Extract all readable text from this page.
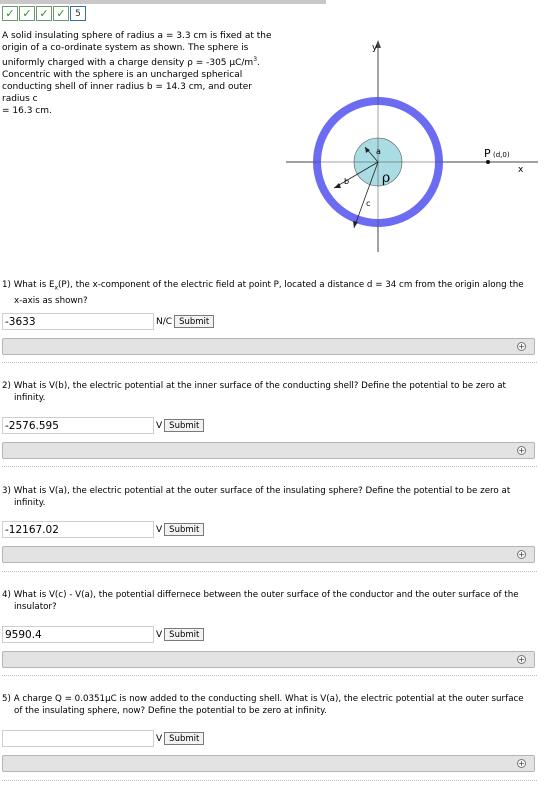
✓ ✓ ✓ ✓	5
A solid insulating sphere of radius a = 3.3 cm is fixed at the
origin of a co-ordinate system as shown. The sphere is
uniformly charged with a charge density ρ = -305 $\mu C/m^3$.
Concentric with the sphere is an uncharged spherical
conducting shell of inner radius b = 14.3 cm, and outer radius c
= 16.3 cm.
y
x
a
b
c
ρ
P (d,0)
1) What is $E_x(P)$, the x-component of the electric field at point P, located a distance d = 34 cm from the origin along the
x-axis as shown?
-3633	N/C Submit
+
2) What is V(b), the electric potential at the inner surface of the conducting shell? Define the potential to be zero at
infinity.
-2576.595	V Submit
+
3) What is V(a), the electric potential at the outer surface of the insulating sphere? Define the potential to be zero at
infinity.
-12167.02	V Submit
+
4) What is V(c) - V(a), the potential differnece between the outer surface of the conductor and the outer surface of the
insulator?
9590.4	V Submit
+
5) A charge Q = 0.0351μC is now added to the conducting shell. What is V(a), the electric potential at the outer surface
of the insulating sphere, now? Define the potential to be zero at infinity.
V Submit
+
